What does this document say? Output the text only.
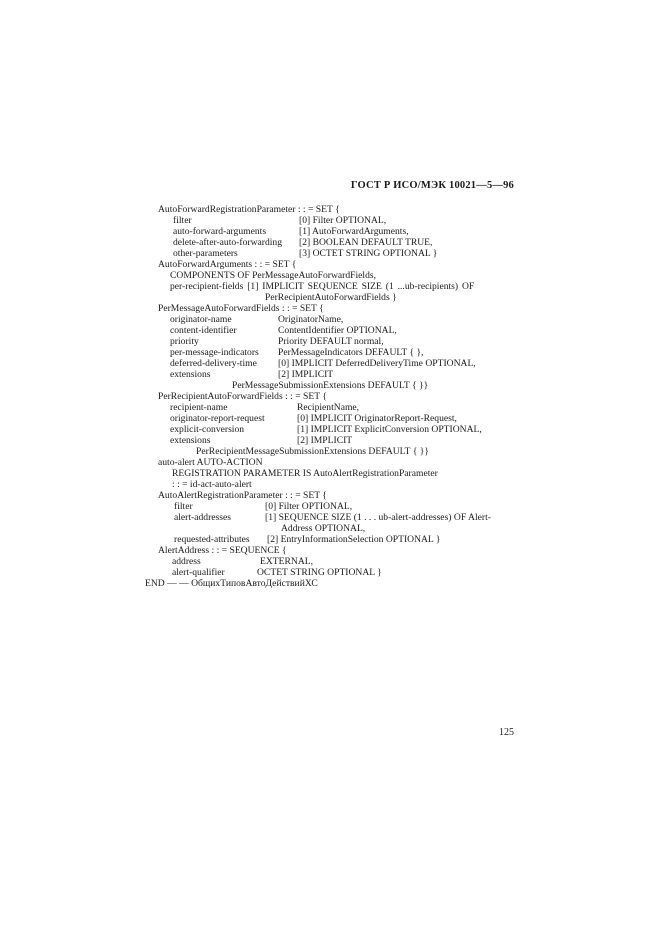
ГОСТ Р ИСО/МЭК 10021—5—96
AutoForwardRegistrationParameter : : = SET {
filter	[0] Filter OPTIONAL,
auto-forward-arguments	[1] AutoForwardArguments,
delete-after-auto-forwarding [2] BOOLEAN DEFAULT TRUE,
other-parameters	[3] OCTET STRING OPTIONAL }
AutoForwardArguments : : = SET {
COMPONENTS OF PerMessageAutoForwardFields,
per-recipient-fields [1] IMPLICIT SEQUENCE SIZE (1 ...ub-recipients) OF
PerRecipientAutoForwardFields }
PerMessageAutoForwardFields : : = SET {
originator-name	OriginatorName,
content-identifier	ContentIdentifier OPTIONAL,
priority	Priority DEFAULT normal,
per-message-indicators PerMessageIndicators DEFAULT { },
deferred-delivery-time [0] IMPLICIT DeferredDeliveryTime OPTIONAL,
extensions	[2] IMPLICIT
PerMessageSubmissionExtensions DEFAULT { }}
PerRecipientAutoForwardFields : : = SET {
recipient-name	RecipientName,
originator-report-request	[0] IMPLICIT OriginatorReport-Request,
explicit-conversion	[1] IMPLICIT ExplicitConversion OPTIONAL,
extensions	[2] IMPLICIT
PerRecipientMessageSubmissionExtensions DEFAULT { }}
auto-alert AUTO-ACTION
REGISTRATION PARAMETER IS AutoAlertRegistrationParameter
: : = id-act-auto-alert
AutoAlertRegistrationParameter : : = SET {
filter	[0] Filter OPTIONAL,
alert-addresses	[1] SEQUENCE SIZE (1 . . . ub-alert-addresses) OF Alert-
Address OPTIONAL,
requested-attributes [2] EntryInformationSelection OPTIONAL }
AlertAddress : : = SEQUENCE {
address	EXTERNAL,
alert-qualifier	OCTET STRING OPTIONAL }
END — — ОбщихТиповАвтоДействийХС
125
